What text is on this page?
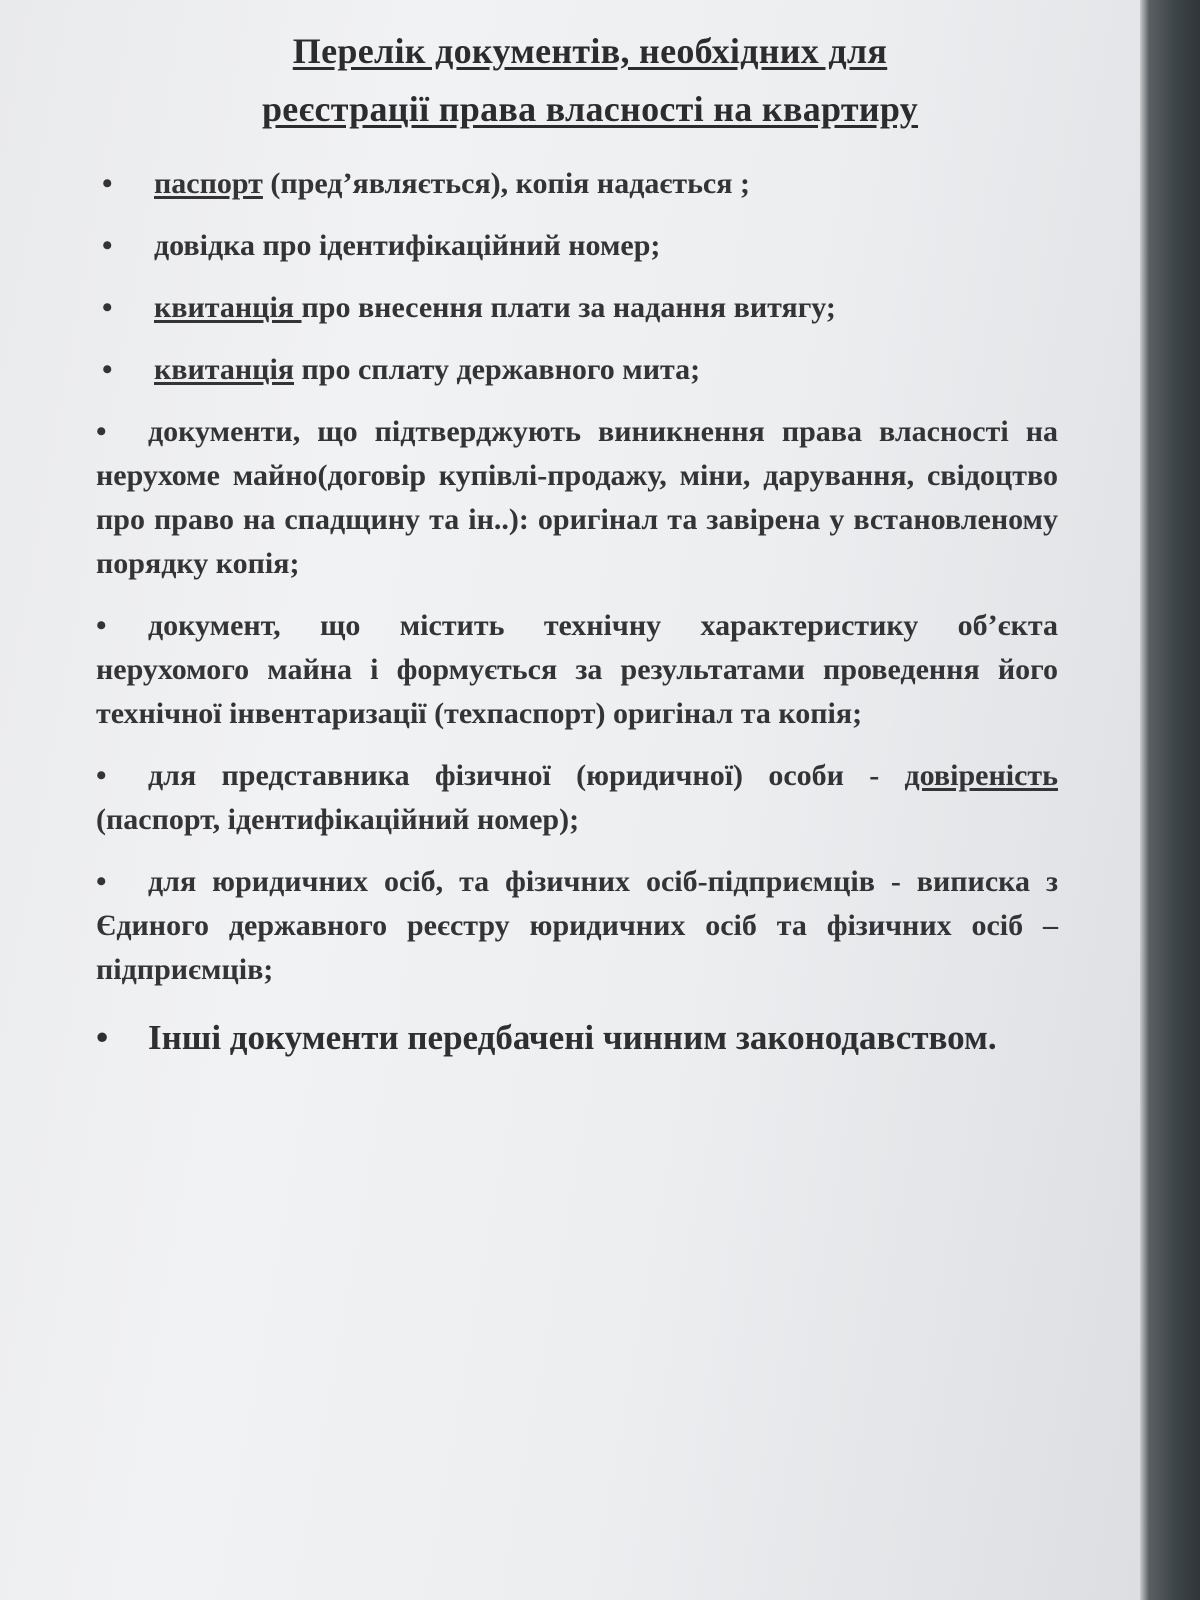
Перелік документів, необхідних для
реєстрації права власності на квартиру

• паспорт (пред’являється), копія надається ;

• довідка про ідентифікаційний номер;

• квитанція про внесення плати за надання витягу;

• квитанція про сплату державного мита;

• документи, що підтверджують виникнення права власності на нерухоме майно(договір купівлі-продажу, міни, дарування, свідоцтво про право на спадщину та ін..): оригінал та завірена у встановленому порядку копія;

• документ, що містить технічну характеристику об’єкта нерухомого майна і формується за результатами проведення його технічної інвентаризації (техпаспорт) оригінал та копія;

• для представника фізичної (юридичної) особи - довіреність (паспорт, ідентифікаційний номер);

• для юридичних осіб, та фізичних осіб-підприємців - виписка з Єдиного державного реєстру юридичних осіб та фізичних осіб – підприємців;

• Інші документи передбачені чинним законодавством.
